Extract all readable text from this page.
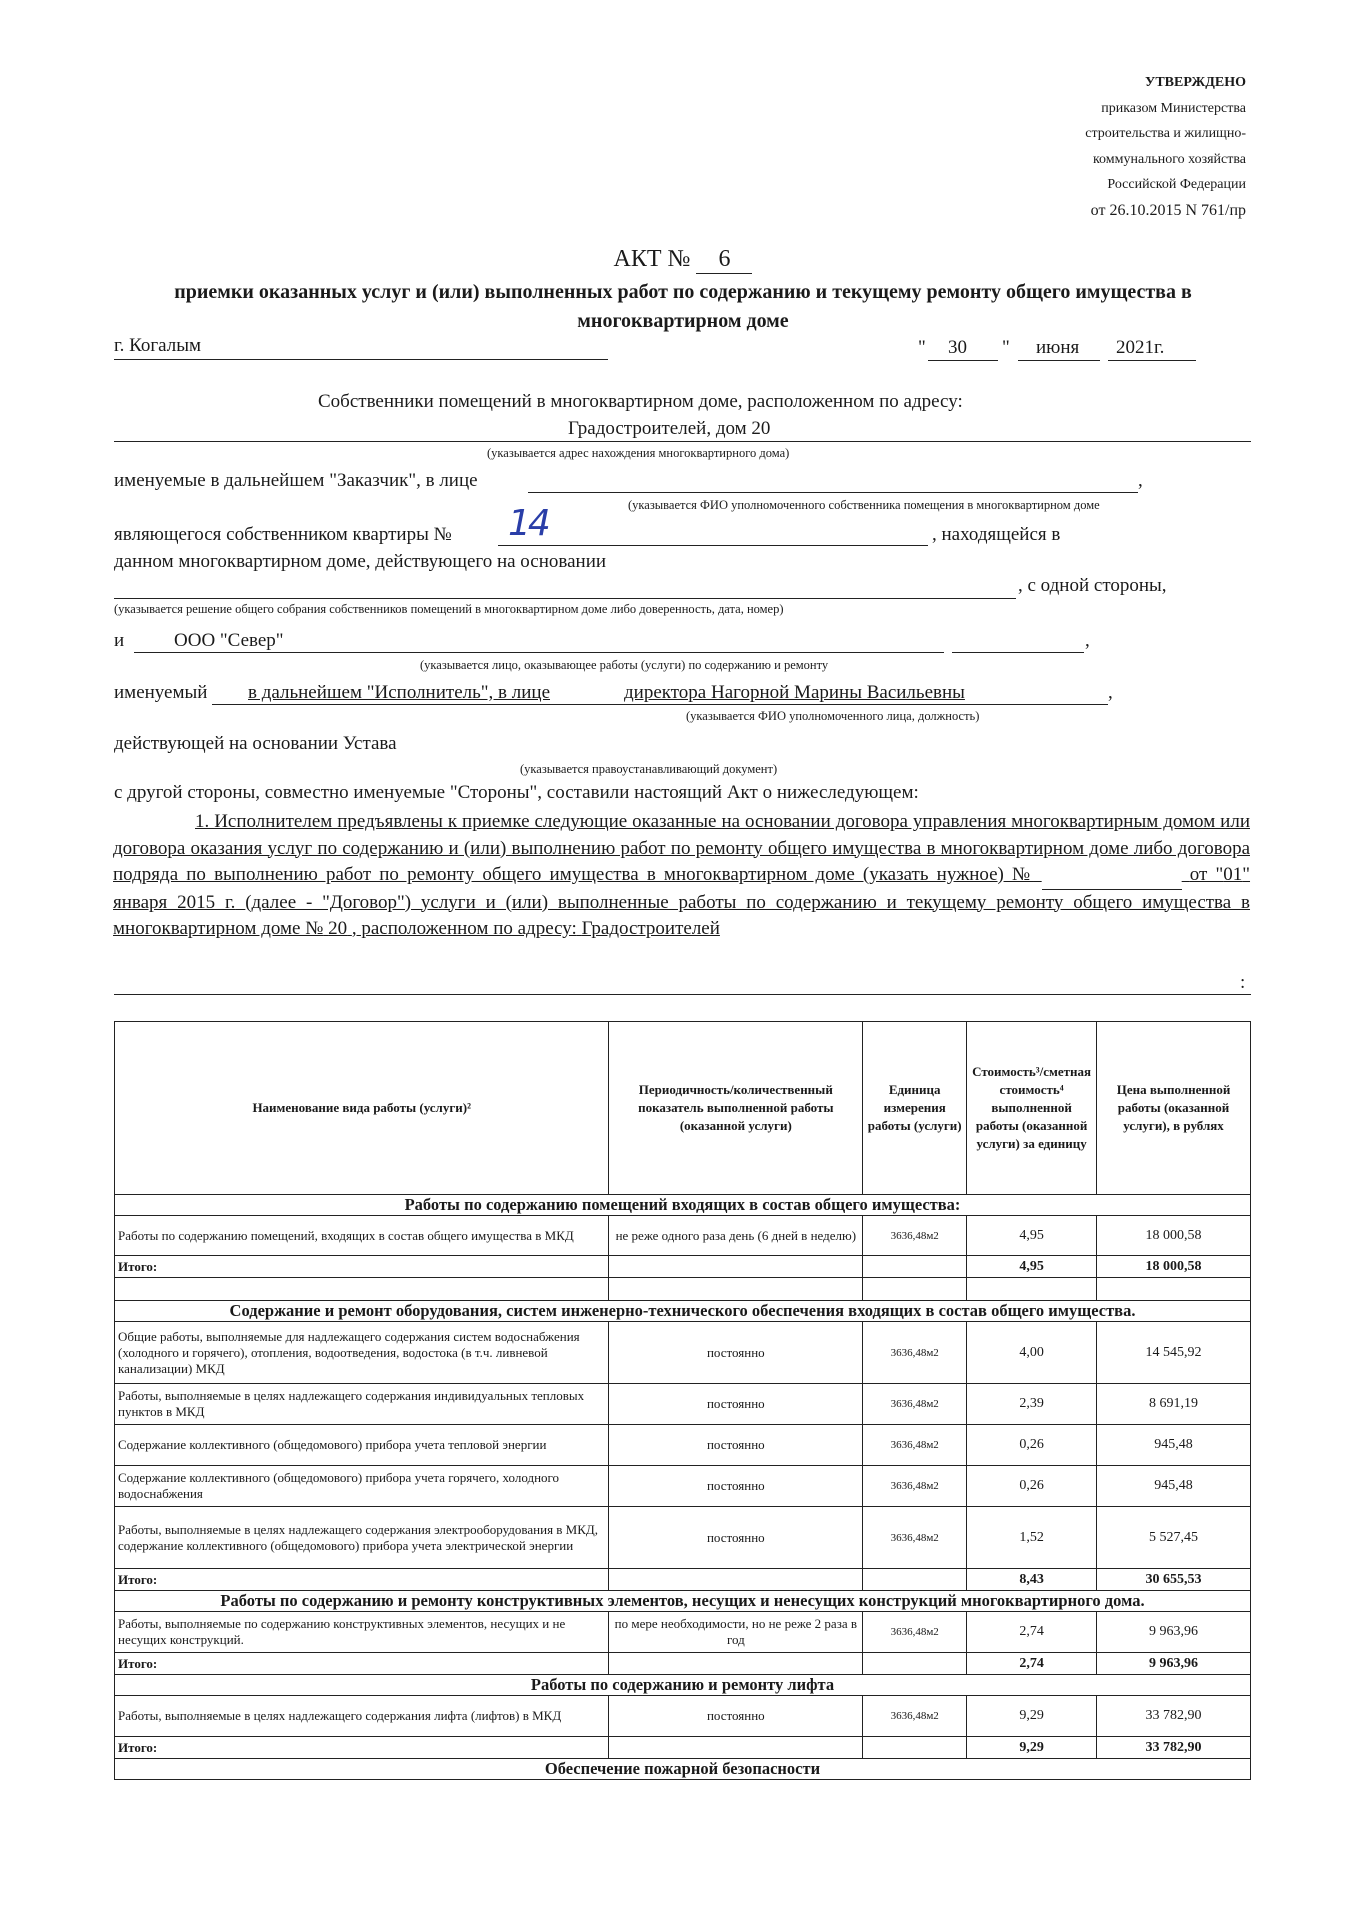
УТВЕРЖДЕНО
приказом Министерства
строительства и жилищно-
коммунального хозяйства
Российской Федерации
от 26.10.2015 N 761/пр
АКТ № 6
приемки оказанных услуг и (или) выполненных работ по содержанию и текущему ремонту общего имущества в многоквартирном доме
г. Когалым	" 30 " июня 2021г.
Собственники помещений в многоквартирном доме, расположенном по адресу:
Градостроителей, дом 20
(указывается адрес нахождения многоквартирного дома)
именуемые в дальнейшем "Заказчик", в лице	,
(указывается ФИО уполномоченного собственника помещения в многоквартирном доме
являющегося собственником квартиры № 14	, находящейся в
данном многоквартирном доме, действующего на основании
, с одной стороны,
(указывается решение общего собрания собственников помещений в многоквартирном доме либо доверенность, дата, номер)
и	ООО "Север"	,
(указывается лицо, оказывающее работы (услуги) по содержанию и ремонту
именуемый в дальнейшем "Исполнитель", в лице	директора Нагорной Марины Васильевны	,
(указывается ФИО уполномоченного лица, должность)
действующей на основании Устава
(указывается правоустанавливающий документ)
с другой стороны, совместно именуемые "Стороны", составили настоящий Акт о нижеследующем:
1. Исполнителем предъявлены к приемке следующие оказанные на основании договора управления многоквартирным домом или договора оказания услуг по содержанию и (или) выполнению работ по ремонту общего имущества в многоквартирном доме либо договора подряда по выполнению работ по ремонту общего имущества в многоквартирном доме (указать нужное) №	от "01" января 2015 г. (далее - "Договор") услуги и (или) выполненные работы по содержанию и текущему ремонту общего имущества в многоквартирном доме № 20 , расположенном по адресу: Градостроителей
:
Наименование вида работы (услуги)²	Периодичность/количественный показатель выполненной работы (оказанной услуги)	Единица измерения работы (услуги)	Стоимость³/сметная стоимость⁴ выполненной работы (оказанной услуги) за единицу	Цена выполненной работы (оказанной услуги), в рублях
Работы по содержанию помещений входящих в состав общего имущества:				
Работы по содержанию помещений, входящих в состав общего имущества в МКД	не реже одного раза день (6 дней в неделю)	3636,48м2	4,95	18 000,58
Итого:			4,95	18 000,58

Содержание и ремонт оборудования, систем инженерно-технического обеспечения входящих в состав общего имущества.				
Общие работы, выполняемые для надлежащего содержания систем водоснабжения (холодного и горячего), отопления, водоотведения, водостока (в т.ч. ливневой канализации) МКД	постоянно	3636,48м2	4,00	14 545,92
Работы, выполняемые в целях надлежащего содержания индивидуальных тепловых пунктов в МКД	постоянно	3636,48м2	2,39	8 691,19
Содержание коллективного (общедомового) прибора учета тепловой энергии	постоянно	3636,48м2	0,26	945,48
Содержание коллективного (общедомового) прибора учета горячего, холодного водоснабжения	постоянно	3636,48м2	0,26	945,48
Работы, выполняемые в целях надлежащего содержания электрооборудования в МКД, содержание коллективного (общедомового) прибора учета электрической энергии	постоянно	3636,48м2	1,52	5 527,45
Итого:			8,43	30 655,53
Работы по содержанию и ремонту конструктивных элементов, несущих и ненесущих конструкций многоквартирного дома.				
Работы, выполняемые по содержанию конструктивных элементов, несущих и не несущих конструкций.	по мере необходимости, но не реже 2 раза в год	3636,48м2	2,74	9 963,96
Итого:			2,74	9 963,96
Работы по содержанию и ремонту лифта				
Работы, выполняемые в целях надлежащего содержания лифта (лифтов) в МКД	постоянно	3636,48м2	9,29	33 782,90
Итого:			9,29	33 782,90
Обеспечение пожарной безопасности				
